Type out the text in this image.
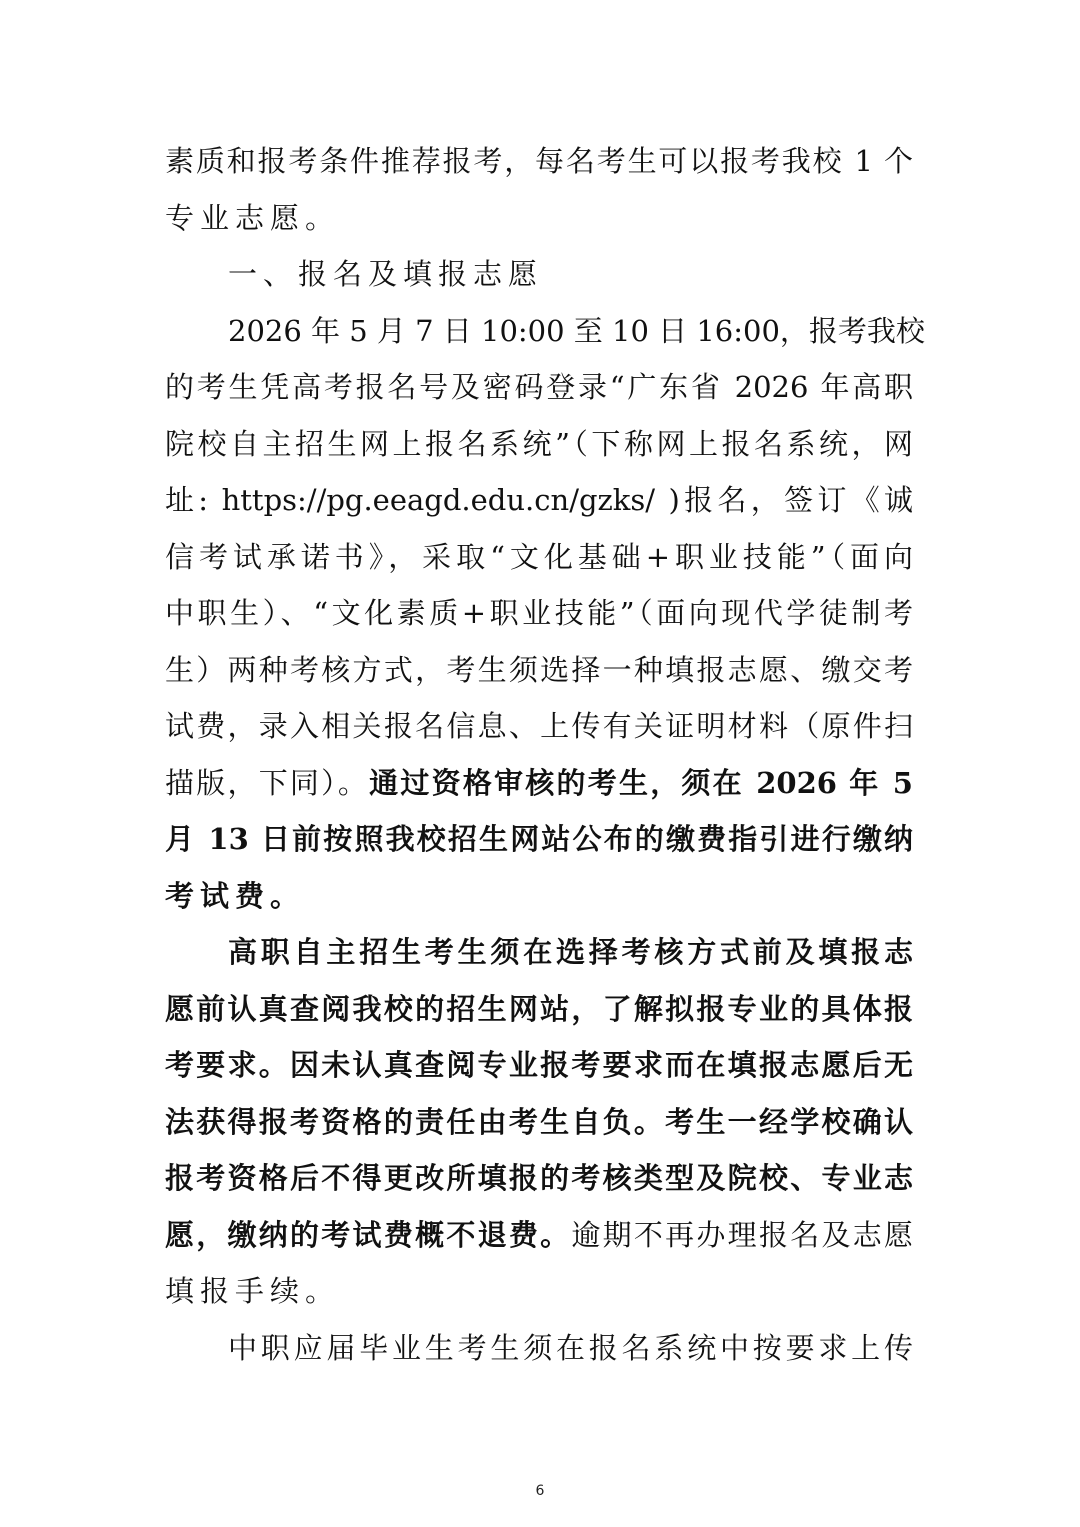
素质和报考条件推荐报考，每名考生可以报考我校 1 个
专业志愿。
一、报名及填报志愿
2026 年 5 月 7 日 10:00 至 10 日 16:00，报考我校
的考生凭高考报名号及密码登录“广东省 2026 年高职
院校自主招生网上报名系统”（下称网上报名系统，网
址: https://pg.eeagd.edu.cn/gzks/ )报名，签订《诚
信考试承诺书》，采取“文化基础+职业技能”（面向
中职生）、“文化素质+职业技能”（面向现代学徒制考
生）两种考核方式，考生须选择一种填报志愿、缴交考
试费，录入相关报名信息、上传有关证明材料（原件扫
描版，下同）。通过资格审核的考生，须在 2026 年 5
月 13 日前按照我校招生网站公布的缴费指引进行缴纳
考试费。
高职自主招生考生须在选择考核方式前及填报志
愿前认真查阅我校的招生网站，了解拟报专业的具体报
考要求。因未认真查阅专业报考要求而在填报志愿后无
法获得报考资格的责任由考生自负。考生一经学校确认
报考资格后不得更改所填报的考核类型及院校、专业志
愿，缴纳的考试费概不退费。逾期不再办理报名及志愿
填报手续。
中职应届毕业生考生须在报名系统中按要求上传
6
